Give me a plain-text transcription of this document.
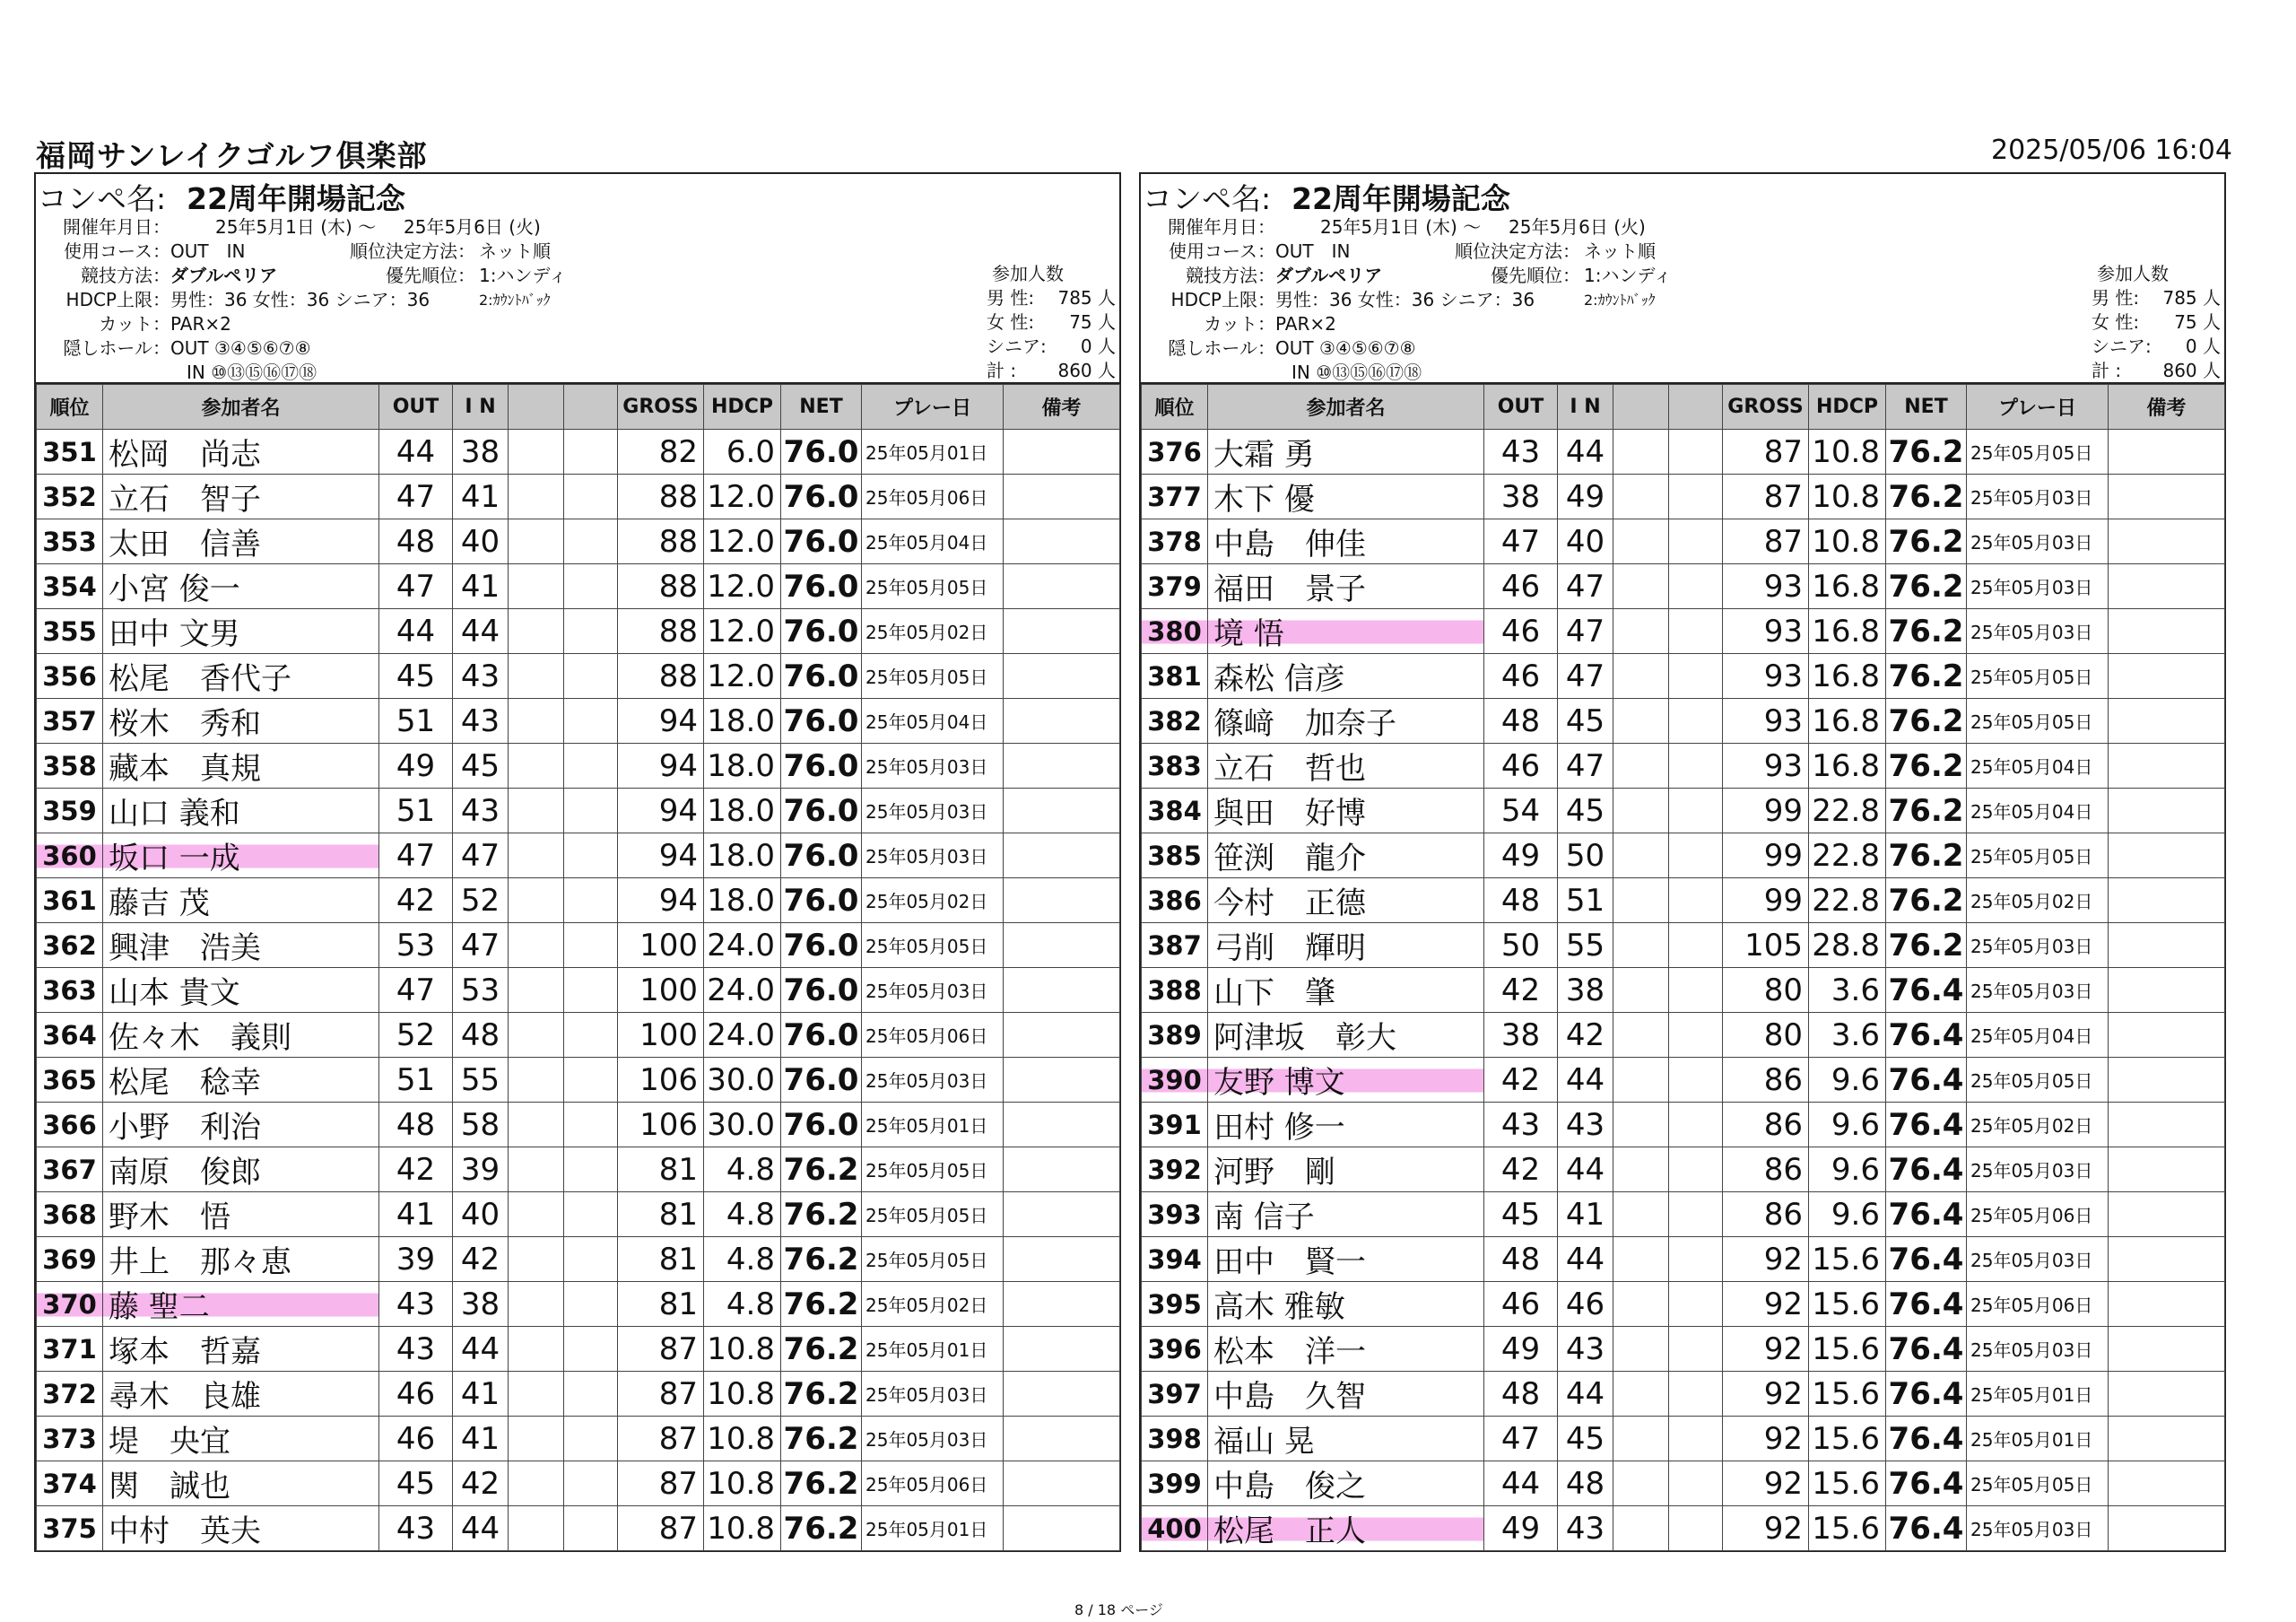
福岡サンレイクゴルフ倶楽部	2025/05/06 16:04
コンペ名: 22周年開場記念
開催年月日：	25年5月1日 (木) ～ 25年5月6日 (火)
使用コース：OUT　IN	順位決定方法： ネット順
競技方法：ダブルペリア	優先順位： 1:ハンディ
HDCP上限：男性：36 女性：36 シニア：36	2:ｶｳﾝﾄﾊﾞｯｸ
カット：PAR×2
隠しホール：OUT ③④⑤⑥⑦⑧
IN ⑩⑬⑮⑯⑰⑱
参加人数
男 性: 785 人
女 性: 75 人
シニア: 0 人
計 : 860 人
順位	参加者名	OUT	I N			GROSS	HDCP	NET	プレー日	備考
351	松岡　尚志	44	38			82	6.0	76.0	25年05月01日	
352	立石　智子	47	41			88	12.0	76.0	25年05月06日	
353	太田　信善	48	40			88	12.0	76.0	25年05月04日	
354	小宮 俊一	47	41			88	12.0	76.0	25年05月05日	
355	田中 文男	44	44			88	12.0	76.0	25年05月02日	
356	松尾　香代子	45	43			88	12.0	76.0	25年05月05日	
357	桜木　秀和	51	43			94	18.0	76.0	25年05月04日	
358	藏本　真規	49	45			94	18.0	76.0	25年05月03日	
359	山口 義和	51	43			94	18.0	76.0	25年05月03日	
360	坂口 一成	47	47			94	18.0	76.0	25年05月03日	
361	藤吉 茂	42	52			94	18.0	76.0	25年05月02日	
362	興津　浩美	53	47			100	24.0	76.0	25年05月05日	
363	山本 貴文	47	53			100	24.0	76.0	25年05月03日	
364	佐々木　義則	52	48			100	24.0	76.0	25年05月06日	
365	松尾　稔幸	51	55			106	30.0	76.0	25年05月03日	
366	小野　利治	48	58			106	30.0	76.0	25年05月01日	
367	南原　俊郎	42	39			81	4.8	76.2	25年05月05日	
368	野木　悟	41	40			81	4.8	76.2	25年05月05日	
369	井上　那々恵	39	42			81	4.8	76.2	25年05月05日	
370	藤 聖二	43	38			81	4.8	76.2	25年05月02日	
371	塚本　哲嘉	43	44			87	10.8	76.2	25年05月01日	
372	尋木　良雄	46	41			87	10.8	76.2	25年05月03日	
373	堤　央宜	46	41			87	10.8	76.2	25年05月03日	
374	関　誠也	45	42			87	10.8	76.2	25年05月06日	
375	中村　英夫	43	44			87	10.8	76.2	25年05月01日	
コンペ名: 22周年開場記念
開催年月日：	25年5月1日 (木) ～ 25年5月6日 (火)
使用コース：OUT　IN	順位決定方法： ネット順
競技方法：ダブルペリア	優先順位： 1:ハンディ
HDCP上限：男性：36 女性：36 シニア：36	2:ｶｳﾝﾄﾊﾞｯｸ
カット：PAR×2
隠しホール：OUT ③④⑤⑥⑦⑧
IN ⑩⑬⑮⑯⑰⑱
参加人数
男 性: 785 人
女 性: 75 人
シニア: 0 人
計 : 860 人
順位	参加者名	OUT	I N			GROSS	HDCP	NET	プレー日	備考
376	大霜 勇	43	44			87	10.8	76.2	25年05月05日	
377	木下 優	38	49			87	10.8	76.2	25年05月03日	
378	中島　伸佳	47	40			87	10.8	76.2	25年05月03日	
379	福田　景子	46	47			93	16.8	76.2	25年05月03日	
380	境 悟	46	47			93	16.8	76.2	25年05月03日	
381	森松 信彦	46	47			93	16.8	76.2	25年05月05日	
382	篠﨑　加奈子	48	45			93	16.8	76.2	25年05月05日	
383	立石　哲也	46	47			93	16.8	76.2	25年05月04日	
384	與田　好博	54	45			99	22.8	76.2	25年05月04日	
385	笹渕　龍介	49	50			99	22.8	76.2	25年05月05日	
386	今村　正德	48	51			99	22.8	76.2	25年05月02日	
387	弓削　輝明	50	55			105	28.8	76.2	25年05月03日	
388	山下　肇	42	38			80	3.6	76.4	25年05月03日	
389	阿津坂　彰大	38	42			80	3.6	76.4	25年05月04日	
390	友野 博文	42	44			86	9.6	76.4	25年05月05日	
391	田村 修一	43	43			86	9.6	76.4	25年05月02日	
392	河野　剛	42	44			86	9.6	76.4	25年05月03日	
393	南 信子	45	41			86	9.6	76.4	25年05月06日	
394	田中　賢一	48	44			92	15.6	76.4	25年05月03日	
395	高木 雅敏	46	46			92	15.6	76.4	25年05月06日	
396	松本　洋一	49	43			92	15.6	76.4	25年05月03日	
397	中島　久智	48	44			92	15.6	76.4	25年05月01日	
398	福山 晃	47	45			92	15.6	76.4	25年05月01日	
399	中島　俊之	44	48			92	15.6	76.4	25年05月05日	
400	松尾　正人	49	43			92	15.6	76.4	25年05月03日	
8 / 18 ページ
